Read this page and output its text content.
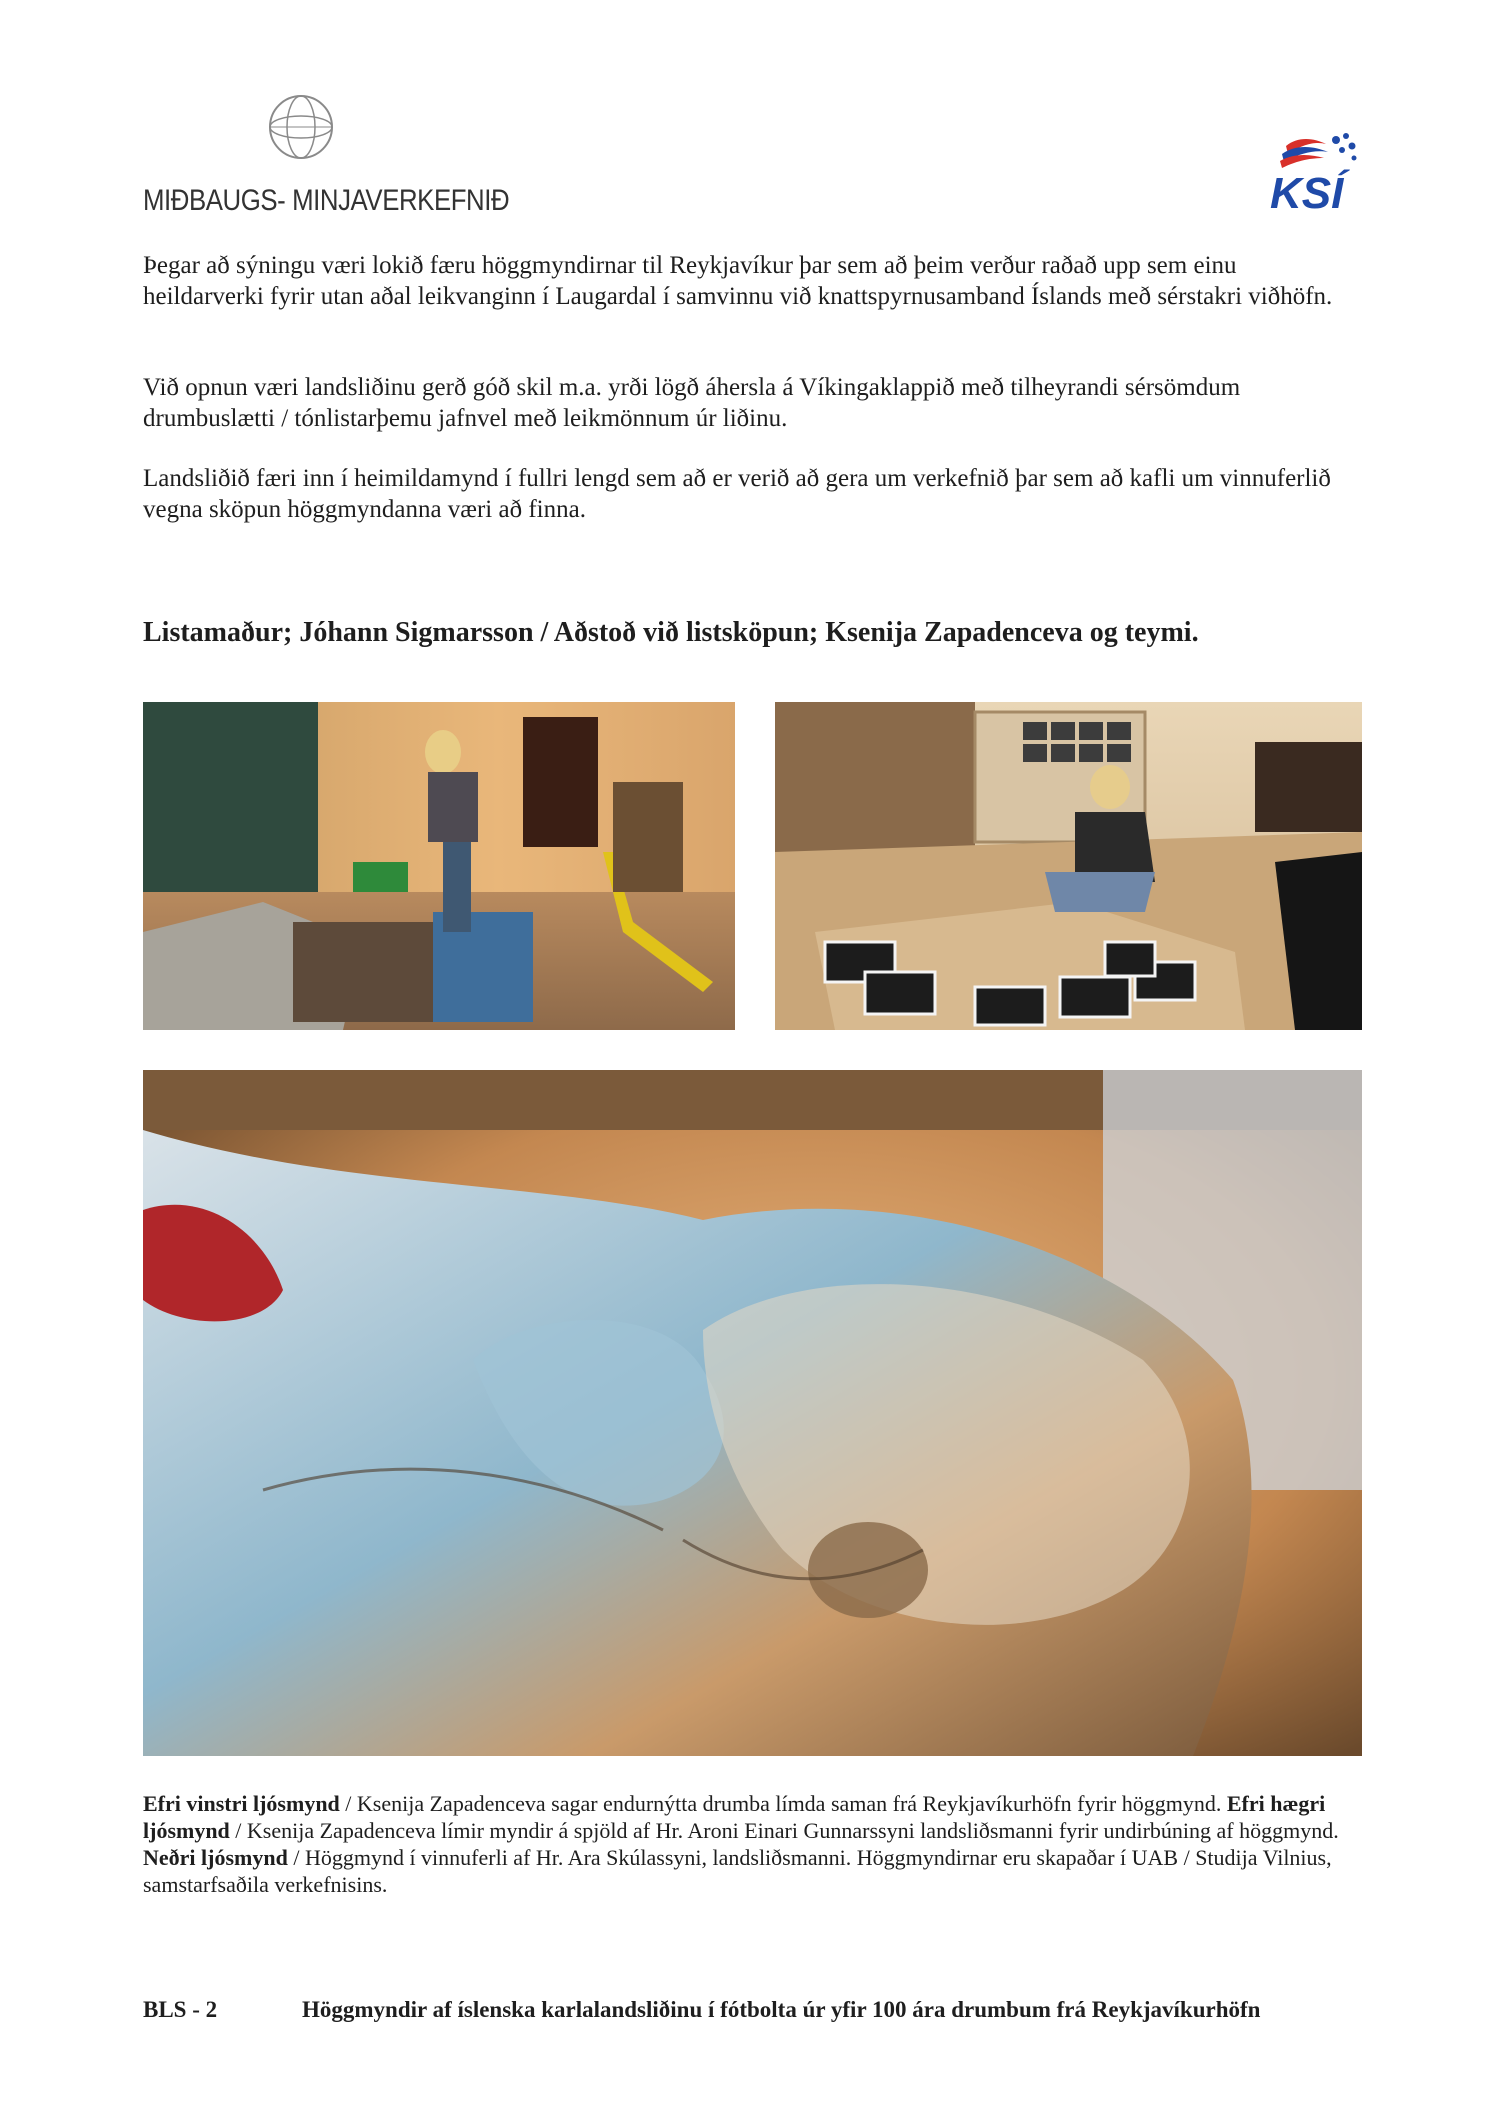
MIÐBAUGS- MINJAVERKEFNIÐ	KSÍ

Þegar að sýningu væri lokið færu höggmyndirnar til Reykjavíkur þar sem að þeim verður raðað upp sem einu heildarverki fyrir utan aðal leikvanginn í Laugardal í samvinnu við knattspyrnusamband Íslands með sérstakri viðhöfn.

Við opnun væri landsliðinu gerð góð skil m.a. yrði lögð áhersla á Víkingaklappið með tilheyrandi sérsömdum drumbuslætti / tónlistarþemu jafnvel með leikmönnum úr liðinu.

Landsliðið færi inn í heimildamynd í fullri lengd sem að er verið að gera um verkefnið þar sem að kafli um vinnuferlið vegna sköpun höggmyndanna væri að finna.

Listamaður; Jóhann Sigmarsson / Aðstoð við listsköpun; Ksenija Zapadenceva og teymi.

Efri vinstri ljósmynd / Ksenija Zapadenceva sagar endurnýtta drumba límda saman frá Reykjavíkurhöfn fyrir höggmynd. Efri hægri ljósmynd / Ksenija Zapadenceva límir myndir á spjöld af Hr. Aroni Einari Gunnarssyni landsliðsmanni fyrir undirbúning af höggmynd. Neðri ljósmynd / Höggmynd í vinnuferli af Hr. Ara Skúlassyni, landsliðsmanni. Höggmyndirnar eru skapaðar í UAB / Studija Vilnius, samstarfsaðila verkefnisins.

BLS - 2	Höggmyndir af íslenska karlalandsliðinu í fótbolta úr yfir 100 ára drumbum frá Reykjavíkurhöfn
